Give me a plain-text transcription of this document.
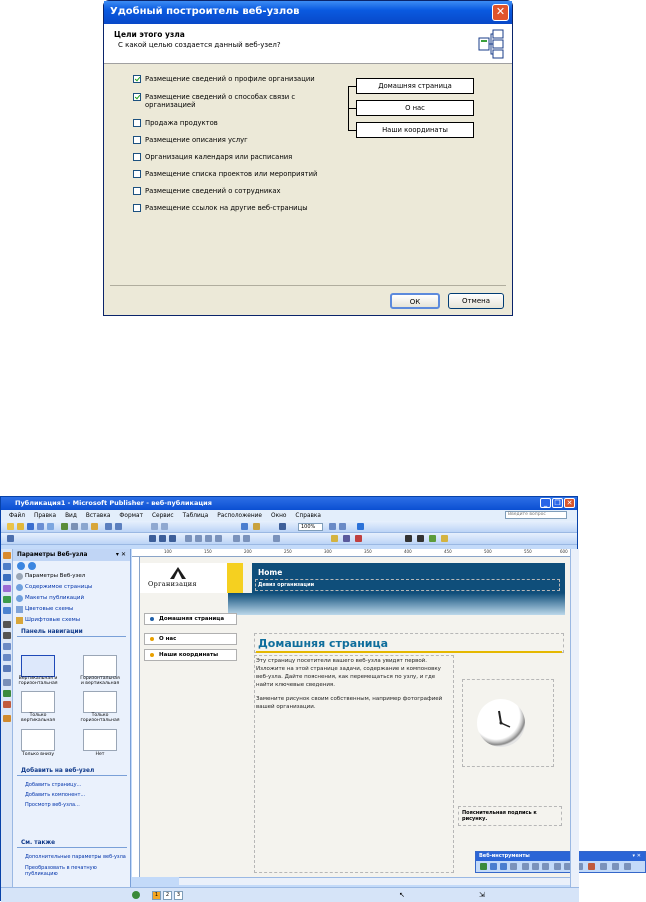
Удобный построитель веб-узлов	✕
Цели этого узла
С какой целью создается данный веб-узел?
Размещение сведений о профиле организации
Размещение сведений о способах связи с организацией
Продажа продуктов
Размещение описания услуг
Организация календаря или расписания
Размещение списка проектов или мероприятий
Размещение сведений о сотрудниках
Размещение ссылок на другие веб-страницы
Домашняя страница
О нас
Наши координаты
ОК	Отмена
Публикация1 - Microsoft Publisher - веб-публикация	_	❐ ✕
Файл Правка Вид Вставка Формат Сервис Таблица Расположение Окно Справка	Введите вопрос
100%
Параметры Веб-узла	▾ ✕
Параметры Веб-узел
Содержимое страницы
Макеты публикаций
Цветовые схемы
Шрифтовые схемы
Панель навигации
Вертикальная и горизонтальная
Горизонтальная и вертикальная
Только вертикальная
Только горизонтальная
Только внизу	Нет
Добавить на веб-узел
Добавить страницу...
Добавить компонент...
Просмотр веб-узла...
См. также
Дополнительные параметры веб-узла
Преобразовать в печатную публикацию
100	150	200	250	300	350	400	450	500	550	600
Организация
Home
Девиз организации
Домашняя страница
О нас
Наши координаты
Домашняя страница
Эту страницу посетители вашего веб-узла увидят первой. Изложите на этой странице задачи, содержание и компоновку веб-узла. Дайте пояснения, как перемещаться по узлу, и где найти ключевые сведения.
Замените рисунок своим собственным, например фотографией вашей организации.
Пояснительная подпись к рисунку.
Веб-инструменты	▾ ✕
1	2	3	↖	⇲
